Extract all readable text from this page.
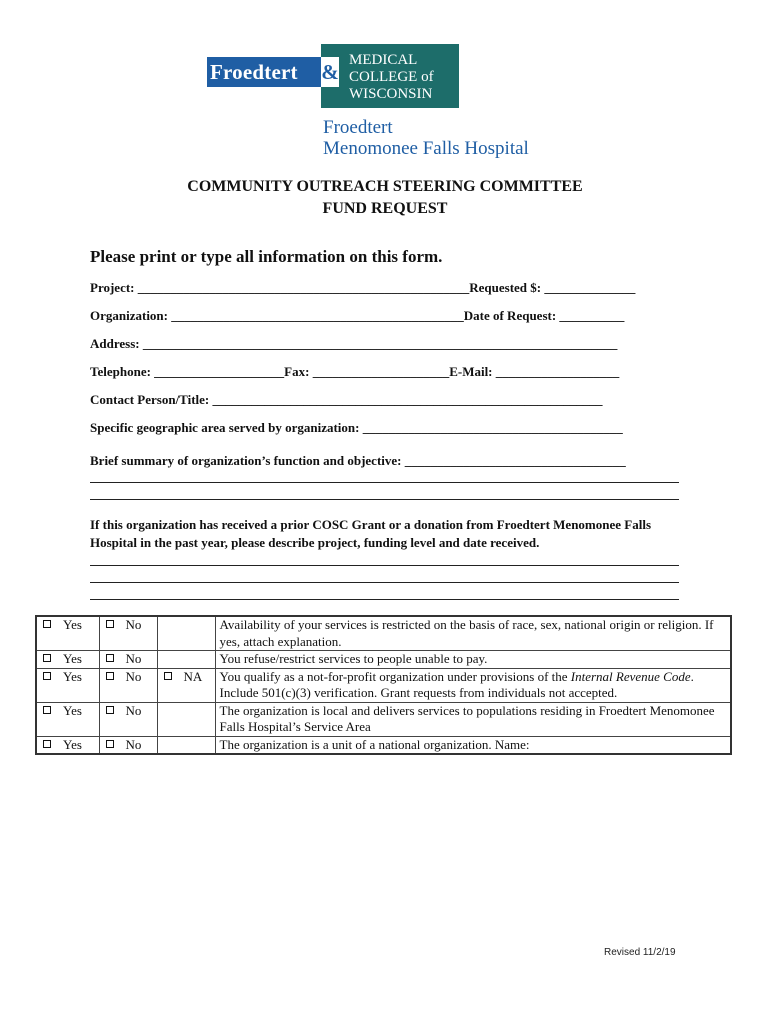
Froedtert	MEDICAL
COLLEGE of
WISCONSIN
&
Froedtert
Menomonee Falls Hospital
COMMUNITY OUTREACH STEERING COMMITTEE
FUND REQUEST
Please print or type all information on this form.
Project: ___________________________________________________Requested $: ______________
Organization: _____________________________________________Date of Request: __________
Address: _________________________________________________________________________
Telephone: ____________________Fax: _____________________E-Mail: ___________________
Contact Person/Title: ____________________________________________________________
Specific geographic area served by organization: ________________________________________
Brief summary of organization’s function and objective: __________________________________
If this organization has received a prior COSC Grant or a donation from Froedtert Menomonee Falls Hospital in the past year, please describe project, funding level and date received.
Yes	No		Availability of your services is restricted on the basis of race, sex, national origin or religion. If yes, attach explanation.
Yes	No		You refuse/restrict services to people unable to pay.
Yes	No	NA	You qualify as a not-for-profit organization under provisions of the Internal Revenue Code. Include 501(c)(3) verification. Grant requests from individuals not accepted.
Yes	No		The organization is local and delivers services to populations residing in Froedtert Menomonee Falls Hospital’s Service Area
Yes	No		The organization is a unit of a national organization. Name:
Revised 11/2/19
